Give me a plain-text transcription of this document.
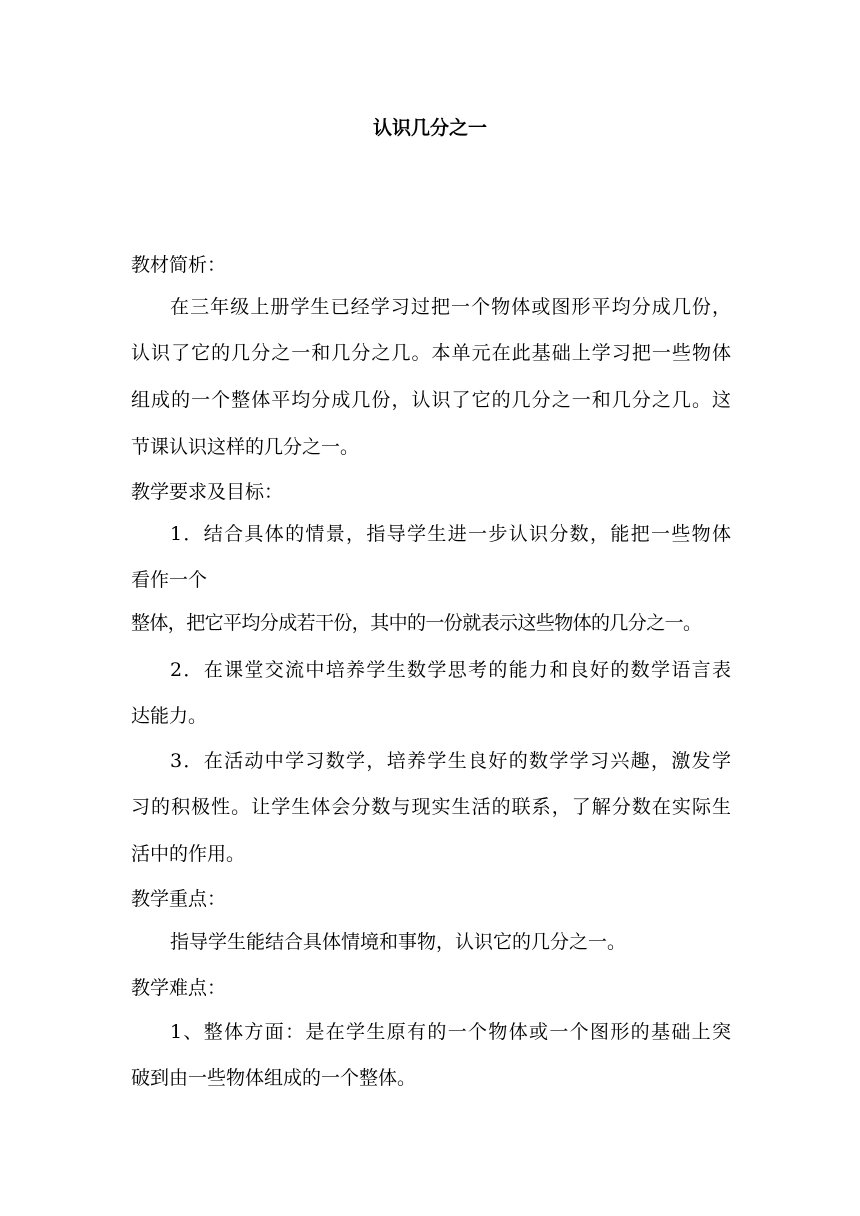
认识几分之一

教材简析：

在三年级上册学生已经学习过把一个物体或图形平均分成几份，

认识了它的几分之一和几分之几。本单元在此基础上学习把一些物体

组成的一个整体平均分成几份，认识了它的几分之一和几分之几。这

节课认识这样的几分之一。

教学要求及目标：

1．结合具体的情景，指导学生进一步认识分数，能把一些物体

看作一个

整体，把它平均分成若干份，其中的一份就表示这些物体的几分之一。

2．在课堂交流中培养学生数学思考的能力和良好的数学语言表

达能力。

3．在活动中学习数学，培养学生良好的数学学习兴趣，激发学

习的积极性。让学生体会分数与现实生活的联系，了解分数在实际生

活中的作用。

教学重点：

指导学生能结合具体情境和事物，认识它的几分之一。

教学难点：

1、整体方面：是在学生原有的一个物体或一个图形的基础上突

破到由一些物体组成的一个整体。
